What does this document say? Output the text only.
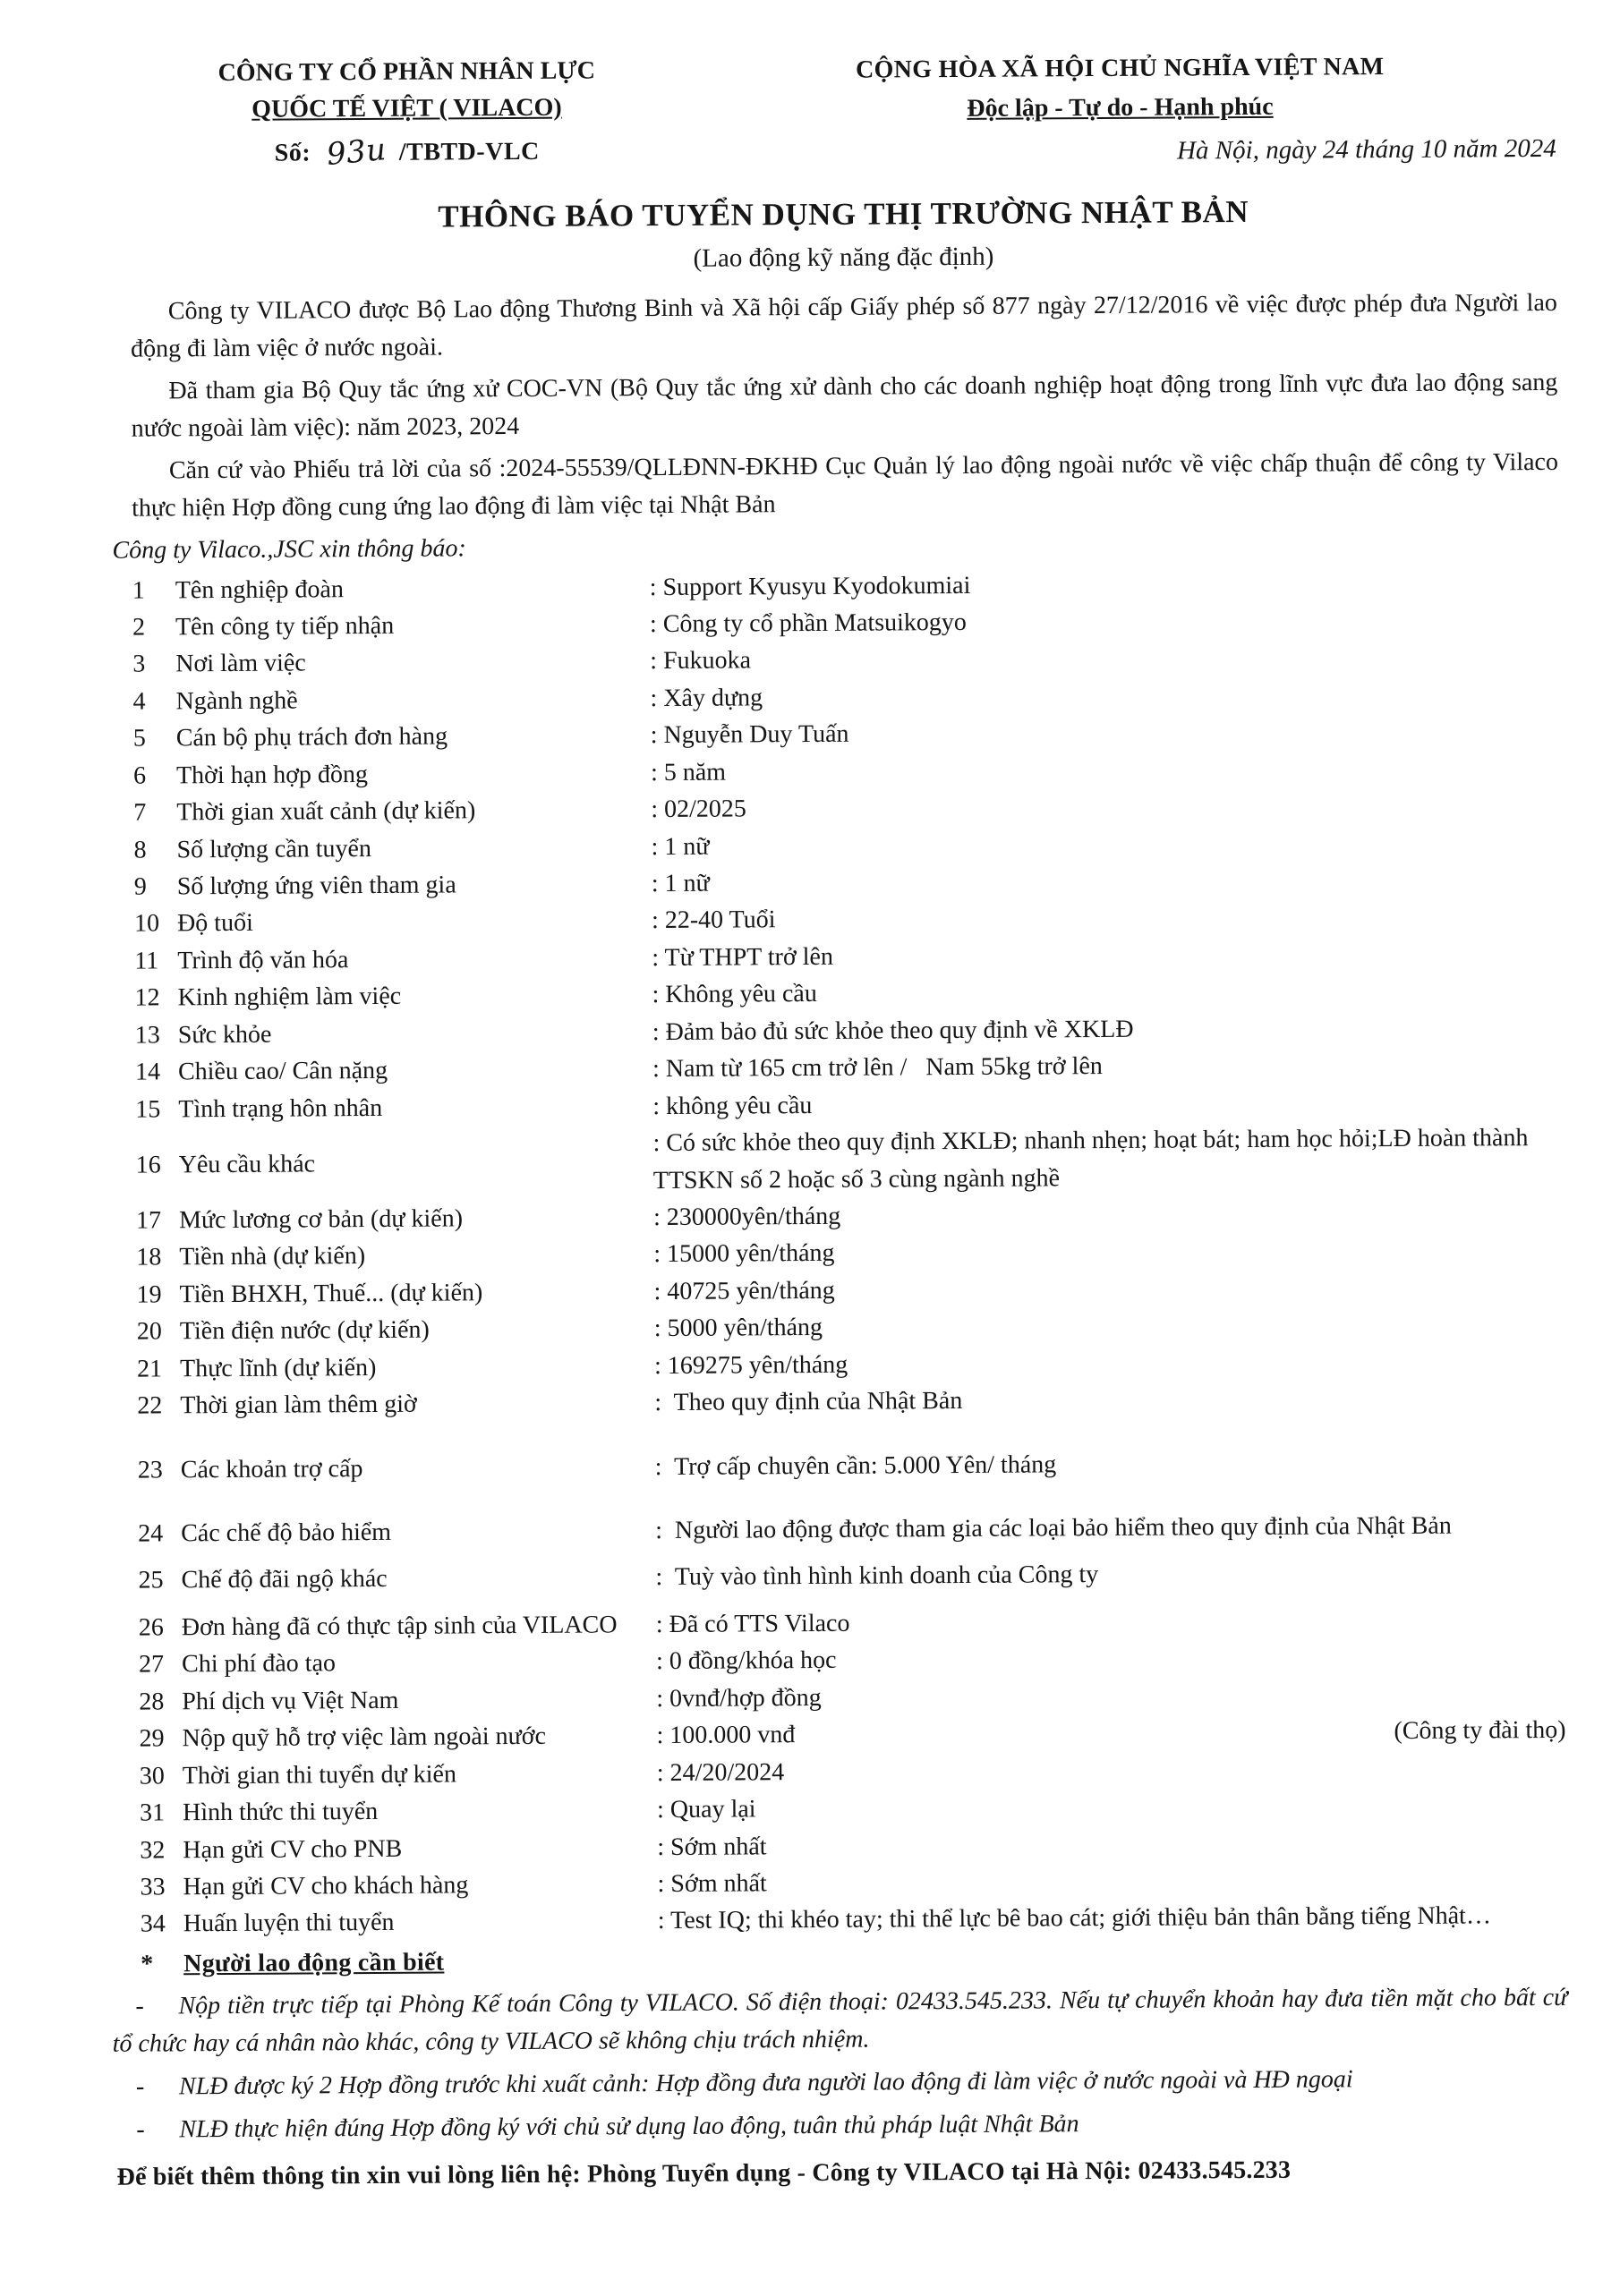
CÔNG TY CỔ PHẦN NHÂN LỰC
QUỐC TẾ VIỆT ( VILACO)
Số: 93u /TBTD-VLC
CỘNG HÒA XÃ HỘI CHỦ NGHĨA VIỆT NAM
Độc lập - Tự do - Hạnh phúc
Hà Nội, ngày 24 tháng 10 năm 2024
THÔNG BÁO TUYỂN DỤNG THỊ TRƯỜNG NHẬT BẢN
(Lao động kỹ năng đặc định)

Công ty VILACO được Bộ Lao động Thương Binh và Xã hội cấp Giấy phép số 877 ngày 27/12/2016 về việc được phép đưa Người lao động đi làm việc ở nước ngoài.

Đã tham gia Bộ Quy tắc ứng xử COC-VN (Bộ Quy tắc ứng xử dành cho các doanh nghiệp hoạt động trong lĩnh vực đưa lao động sang nước ngoài làm việc): năm 2023, 2024

Căn cứ vào Phiếu trả lời của số :2024-55539/QLLĐNN-ĐKHĐ Cục Quản lý lao động ngoài nước về việc chấp thuận để công ty Vilaco thực hiện Hợp đồng cung ứng lao động đi làm việc tại Nhật Bản

Công ty Vilaco.,JSC xin thông báo:
1	Tên nghiệp đoàn	: Support Kyusyu Kyodokumiai
2	Tên công ty tiếp nhận	: Công ty cổ phần Matsuikogyo
3	Nơi làm việc	: Fukuoka
4	Ngành nghề	: Xây dựng
5	Cán bộ phụ trách đơn hàng	: Nguyễn Duy Tuấn
6	Thời hạn hợp đồng	: 5 năm
7	Thời gian xuất cảnh (dự kiến)	: 02/2025
8	Số lượng cần tuyển	: 1 nữ
9	Số lượng ứng viên tham gia	: 1 nữ
10 Độ tuổi	: 22-40 Tuổi
11 Trình độ văn hóa	: Từ THPT trở lên
12 Kinh nghiệm làm việc	: Không yêu cầu
13 Sức khỏe	: Đảm bảo đủ sức khỏe theo quy định về XKLĐ
14 Chiều cao/ Cân nặng	: Nam từ 165 cm trở lên /   Nam 55kg trở lên
15 Tình trạng hôn nhân	: không yêu cầu
16 Yêu cầu khác
: Có sức khỏe theo quy định XKLĐ; nhanh nhẹn; hoạt bát; ham học hỏi;LĐ hoàn thành TTSKN số 2 hoặc số 3 cùng ngành nghề
17 Mức lương cơ bản (dự kiến)	: 230000yên/tháng
18 Tiền nhà (dự kiến)	: 15000 yên/tháng
19 Tiền BHXH, Thuế... (dự kiến)	: 40725 yên/tháng
20 Tiền điện nước (dự kiến)	: 5000 yên/tháng
21 Thực lĩnh (dự kiến)	: 169275 yên/tháng
22 Thời gian làm thêm giờ	:  Theo quy định của Nhật Bản
23 Các khoản trợ cấp	:  Trợ cấp chuyên cần: 5.000 Yên/ tháng
24 Các chế độ bảo hiểm	:  Người lao động được tham gia các loại bảo hiểm theo quy định của Nhật Bản
25 Chế độ đãi ngộ khác	:  Tuỳ vào tình hình kinh doanh của Công ty
26 Đơn hàng đã có thực tập sinh của VILACO	: Đã có TTS Vilaco
27 Chi phí đào tạo	: 0 đồng/khóa học
28 Phí dịch vụ Việt Nam	: 0vnđ/hợp đồng
29 Nộp quỹ hỗ trợ việc làm ngoài nước	: 100.000 vnđ	(Công ty đài thọ)
30 Thời gian thi tuyển dự kiến	: 24/20/2024
31 Hình thức thi tuyển	: Quay lại
32 Hạn gửi CV cho PNB	: Sớm nhất
33 Hạn gửi CV cho khách hàng	: Sớm nhất
34 Huấn luyện thi tuyển	: Test IQ; thi khéo tay; thi thể lực bê bao cát; giới thiệu bản thân bằng tiếng Nhật…
*	Người lao động cần biết

- Nộp tiền trực tiếp tại Phòng Kế toán Công ty VILACO. Số điện thoại: 02433.545.233. Nếu tự chuyển khoản hay đưa tiền mặt cho bất cứ tổ chức hay cá nhân nào khác, công ty VILACO sẽ không chịu trách nhiệm.

- NLĐ được ký 2 Hợp đồng trước khi xuất cảnh: Hợp đồng đưa người lao động đi làm việc ở nước ngoài và HĐ ngoại

- NLĐ thực hiện đúng Hợp đồng ký với chủ sử dụng lao động, tuân thủ pháp luật Nhật Bản

Để biết thêm thông tin xin vui lòng liên hệ: Phòng Tuyển dụng - Công ty VILACO tại Hà Nội: 02433.545.233
